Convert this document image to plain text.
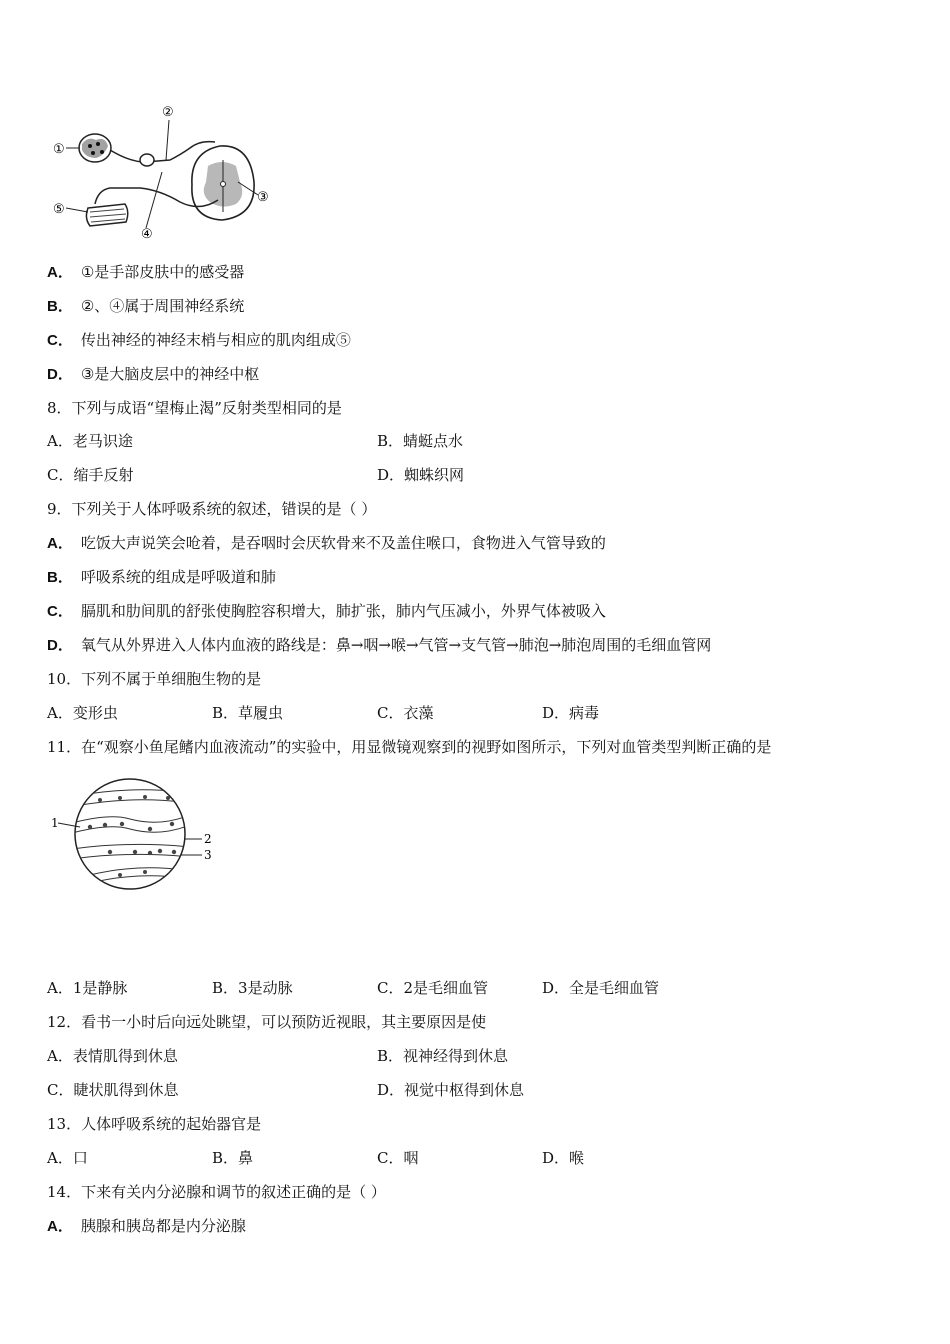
①
②
③
④
⑤
A． ①是手部皮肤中的感受器
B． ②、④属于周围神经系统
C． 传出神经的神经末梢与相应的肌肉组成⑤
D． ③是大脑皮层中的神经中枢
8．下列与成语“望梅止渴”反射类型相同的是
A．老马识途	B．蜻蜓点水
C．缩手反射	D．蜘蛛织网
9．下列关于人体呼吸系统的叙述，错误的是（ ）
A． 吃饭大声说笑会呛着，是吞咽时会厌软骨来不及盖住喉口，食物进入气管导致的
B． 呼吸系统的组成是呼吸道和肺
C． 膈肌和肋间肌的舒张使胸腔容积增大，肺扩张，肺内气压减小，外界气体被吸入
D． 氧气从外界进入人体内血液的路线是：鼻→咽→喉→气管→支气管→肺泡→肺泡周围的毛细血管网
10．下列不属于单细胞生物的是
A．变形虫	B．草履虫	C．衣藻	D．病毒
11．在“观察小鱼尾鳍内血液流动”的实验中，用显微镜观察到的视野如图所示，下列对血管类型判断正确的是
1
2
3
A．1是静脉	B．3是动脉	C．2是毛细血管	D．全是毛细血管
12．看书一小时后向远处眺望，可以预防近视眼，其主要原因是使
A．表情肌得到休息	B．视神经得到休息
C．睫状肌得到休息	D．视觉中枢得到休息
13．人体呼吸系统的起始器官是
A．口	B．鼻	C．咽	D．喉
14．下来有关内分泌腺和调节的叙述正确的是（ ）
A． 胰腺和胰岛都是内分泌腺
